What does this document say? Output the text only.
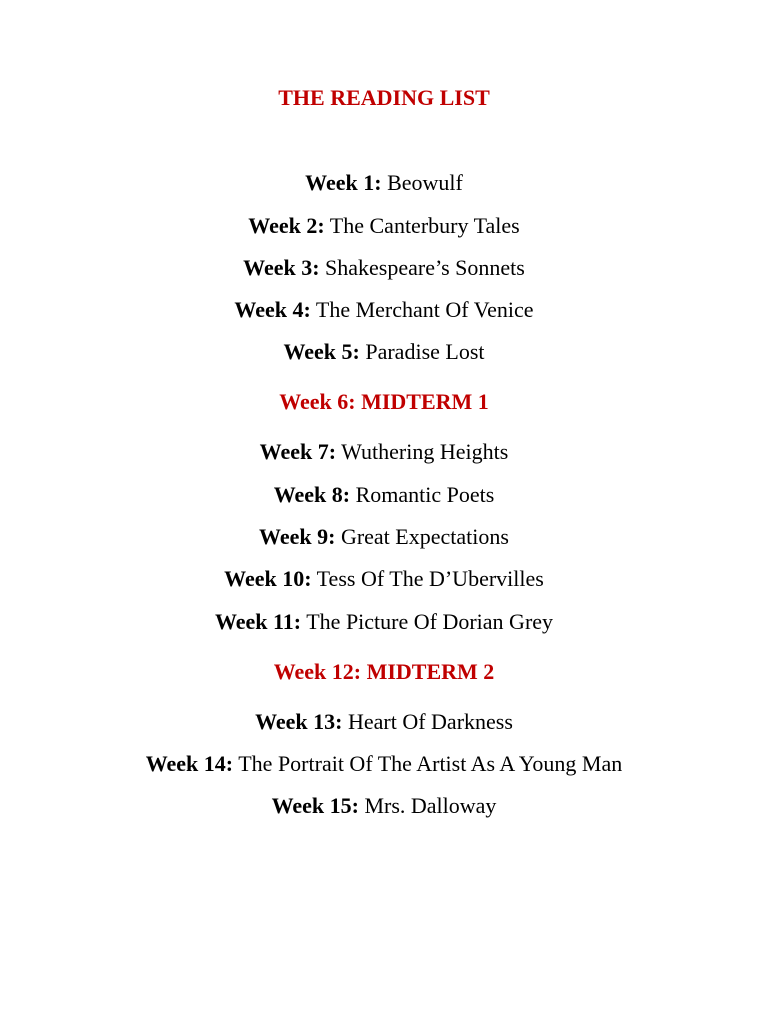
THE READING LIST
Week 1: Beowulf
Week 2: The Canterbury Tales
Week 3: Shakespeare’s Sonnets
Week 4: The Merchant Of Venice
Week 5: Paradise Lost
Week 6: MIDTERM 1
Week 7: Wuthering Heights
Week 8: Romantic Poets
Week 9: Great Expectations
Week 10: Tess Of The D’Ubervilles
Week 11: The Picture Of Dorian Grey
Week 12: MIDTERM 2
Week 13: Heart Of Darkness
Week 14: The Portrait Of The Artist As A Young Man
Week 15: Mrs. Dalloway
